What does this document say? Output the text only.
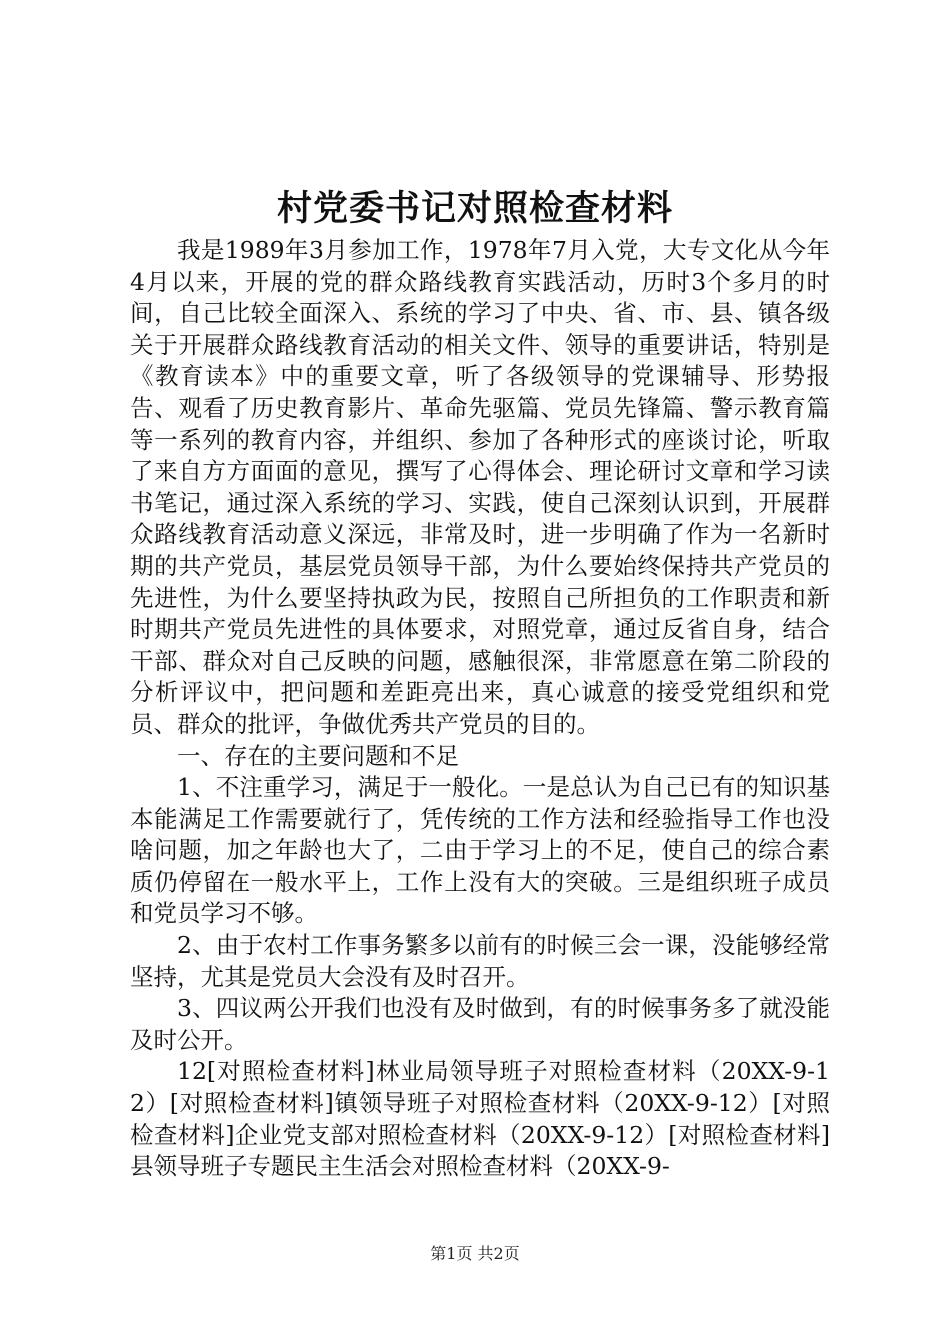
村党委书记对照检查材料

我是1989年3月参加工作，1978年7月入党，大专文化从今年4月以来，开展的党的群众路线教育实践活动，历时3个多月的时间，自己比较全面深入、系统的学习了中央、省、市、县、镇各级关于开展群众路线教育活动的相关文件、领导的重要讲话，特别是《教育读本》中的重要文章，听了各级领导的党课辅导、形势报告、观看了历史教育影片、革命先驱篇、党员先锋篇、警示教育篇等一系列的教育内容，并组织、参加了各种形式的座谈讨论，听取了来自方方面面的意见，撰写了心得体会、理论研讨文章和学习读书笔记，通过深入系统的学习、实践，使自己深刻认识到，开展群众路线教育活动意义深远，非常及时，进一步明确了作为一名新时期的共产党员，基层党员领导干部，为什么要始终保持共产党员的先进性，为什么要坚持执政为民，按照自己所担负的工作职责和新时期共产党员先进性的具体要求，对照党章，通过反省自身，结合干部、群众对自己反映的问题，感触很深，非常愿意在第二阶段的分析评议中，把问题和差距亮出来，真心诚意的接受党组织和党员、群众的批评，争做优秀共产党员的目的。

一、存在的主要问题和不足

1、不注重学习，满足于一般化。一是总认为自己已有的知识基本能满足工作需要就行了，凭传统的工作方法和经验指导工作也没啥问题，加之年龄也大了，二由于学习上的不足，使自己的综合素质仍停留在一般水平上，工作上没有大的突破。三是组织班子成员和党员学习不够。

2、由于农村工作事务繁多以前有的时候三会一课，没能够经常坚持，尤其是党员大会没有及时召开。

3、四议两公开我们也没有及时做到，有的时候事务多了就没能及时公开。

12[对照检查材料]林业局领导班子对照检查材料（20XX-9-12）[对照检查材料]镇领导班子对照检查材料（20XX-9-12）[对照检查材料]企业党支部对照检查材料（20XX-9-12）[对照检查材料]县领导班子专题民主生活会对照检查材料（20XX-9-

第1页 共2页
